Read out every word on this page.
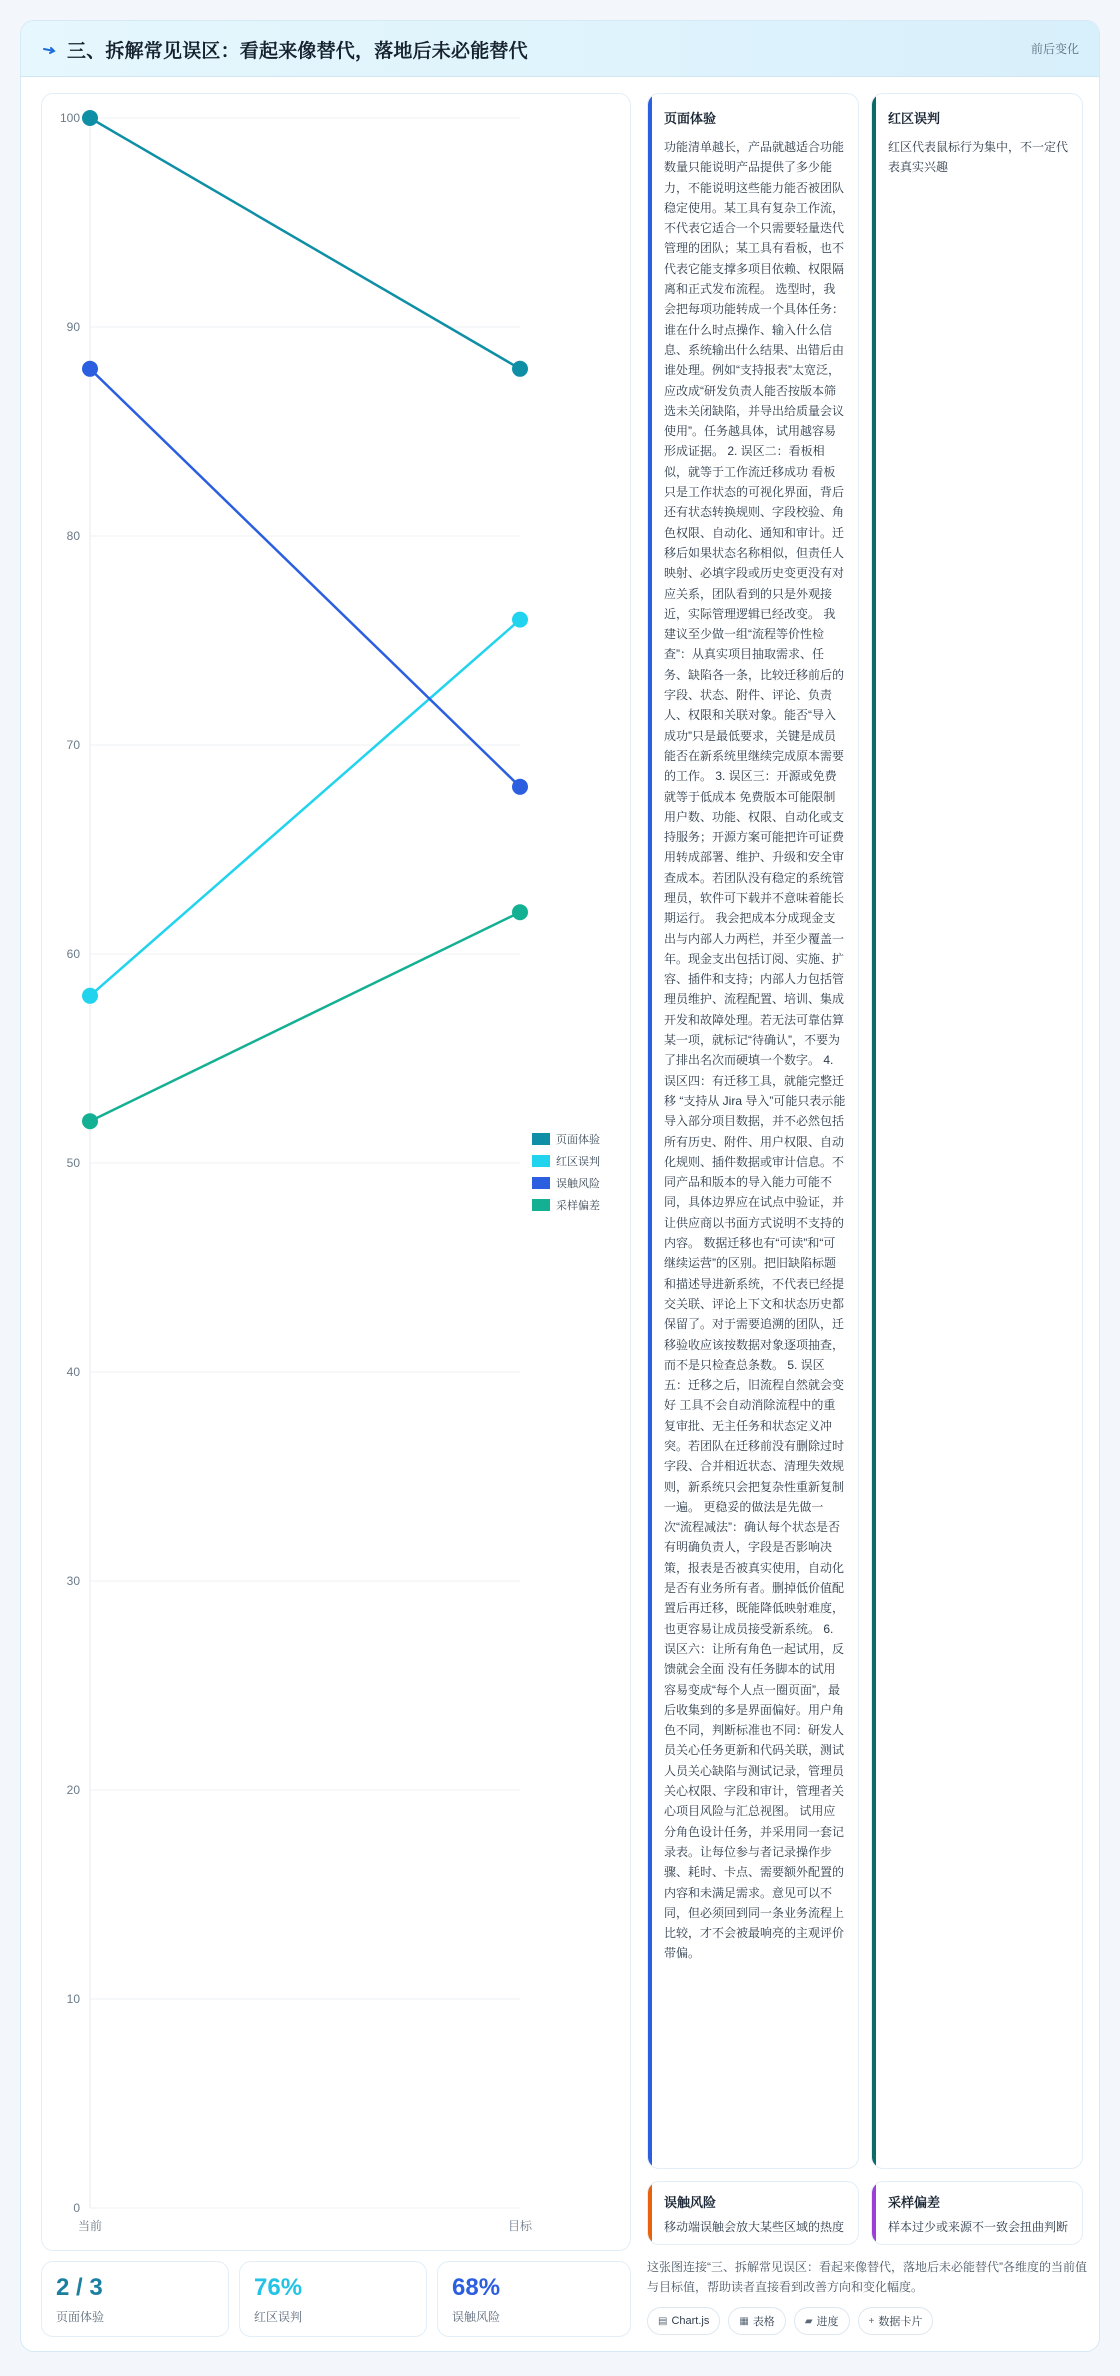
三、拆解常见误区：看起来像替代，落地后未必能替代	前后变化
0
10
20
30
40
50
60
70
80
90
100
当前	目标
页面体验
红区误判
误触风险
采样偏差
页面体验
功能清单越长，产品就越适合功能数量只能说明产品提供了多少能力，不能说明这些能力能否被团队稳定使用。某工具有复杂工作流，不代表它适合一个只需要轻量迭代管理的团队；某工具有看板，也不代表它能支撑多项目依赖、权限隔离和正式发布流程。 选型时，我会把每项功能转成一个具体任务：谁在什么时点操作、输入什么信息、系统输出什么结果、出错后由谁处理。例如“支持报表”太宽泛，应改成“研发负责人能否按版本筛选未关闭缺陷，并导出给质量会议使用”。任务越具体，试用越容易形成证据。 2. 误区二：看板相似，就等于工作流迁移成功 看板只是工作状态的可视化界面，背后还有状态转换规则、字段校验、角色权限、自动化、通知和审计。迁移后如果状态名称相似，但责任人映射、必填字段或历史变更没有对应关系，团队看到的只是外观接近，实际管理逻辑已经改变。 我建议至少做一组“流程等价性检查”：从真实项目抽取需求、任务、缺陷各一条，比较迁移前后的字段、状态、附件、评论、负责人、权限和关联对象。能否“导入成功”只是最低要求，关键是成员能否在新系统里继续完成原本需要的工作。 3. 误区三：开源或免费就等于低成本 免费版本可能限制用户数、功能、权限、自动化或支持服务；开源方案可能把许可证费用转成部署、维护、升级和安全审查成本。若团队没有稳定的系统管理员，软件可下载并不意味着能长期运行。 我会把成本分成现金支出与内部人力两栏，并至少覆盖一年。现金支出包括订阅、实施、扩容、插件和支持；内部人力包括管理员维护、流程配置、培训、集成开发和故障处理。若无法可靠估算某一项，就标记“待确认”，不要为了排出名次而硬填一个数字。 4. 误区四：有迁移工具，就能完整迁移 “支持从 Jira 导入”可能只表示能导入部分项目数据，并不必然包括所有历史、附件、用户权限、自动化规则、插件数据或审计信息。不同产品和版本的导入能力可能不同，具体边界应在试点中验证，并让供应商以书面方式说明不支持的内容。 数据迁移也有“可读”和“可继续运营”的区别。把旧缺陷标题和描述导进新系统，不代表已经提交关联、评论上下文和状态历史都保留了。对于需要追溯的团队，迁移验收应该按数据对象逐项抽查，而不是只检查总条数。 5. 误区五：迁移之后，旧流程自然就会变好 工具不会自动消除流程中的重复审批、无主任务和状态定义冲突。若团队在迁移前没有删除过时字段、合并相近状态、清理失效规则，新系统只会把复杂性重新复制一遍。 更稳妥的做法是先做一次“流程减法”：确认每个状态是否有明确负责人，字段是否影响决策，报表是否被真实使用，自动化是否有业务所有者。删掉低价值配置后再迁移，既能降低映射难度，也更容易让成员接受新系统。 6. 误区六：让所有角色一起试用，反馈就会全面 没有任务脚本的试用容易变成“每个人点一圈页面”，最后收集到的多是界面偏好。用户角色不同，判断标准也不同：研发人员关心任务更新和代码关联，测试人员关心缺陷与测试记录，管理员关心权限、字段和审计，管理者关心项目风险与汇总视图。 试用应分角色设计任务，并采用同一套记录表。让每位参与者记录操作步骤、耗时、卡点、需要额外配置的内容和未满足需求。意见可以不同，但必须回到同一条业务流程上比较，才不会被最响亮的主观评价带偏。
红区误判
红区代表鼠标行为集中，不一定代表真实兴趣
误触风险
移动端误触会放大某些区域的热度
采样偏差
样本过少或来源不一致会扭曲判断
2 / 3
页面体验
76%
红区误判
68%
误触风险
这张图连接“三、拆解常见误区：看起来像替代，落地后未必能替代”各维度的当前值与目标值，帮助读者直接看到改善方向和变化幅度。
▤ Chart.js	▦ 表格	▰ 进度	+ 数据卡片
